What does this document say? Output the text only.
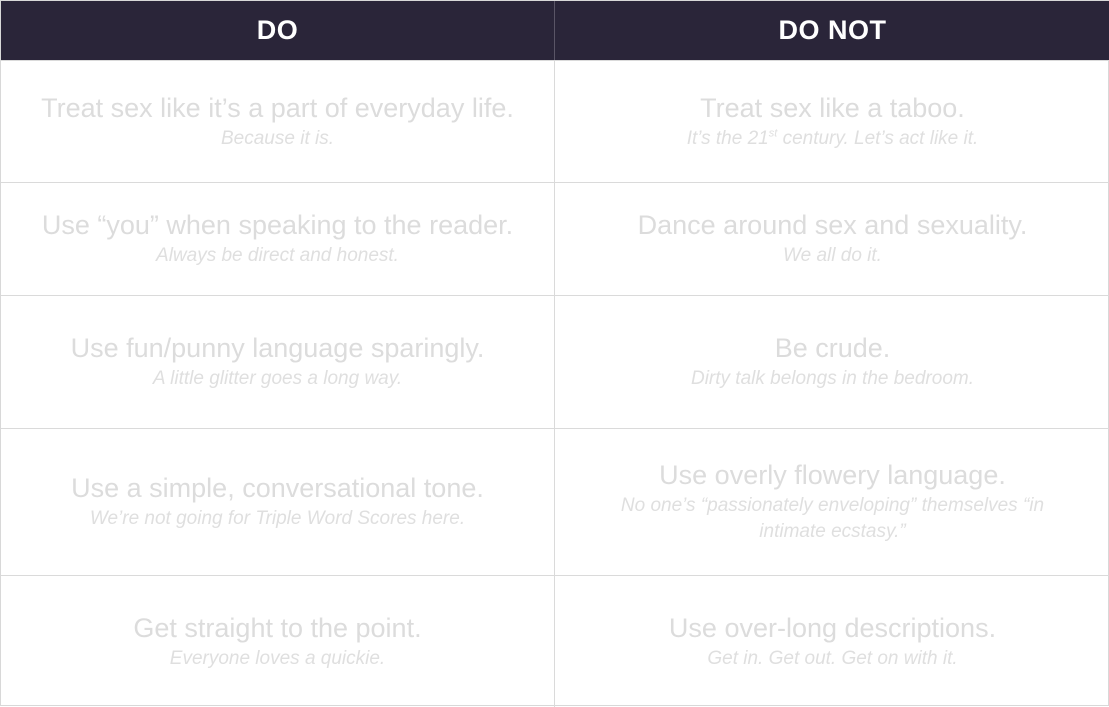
DO	DO NOT
Treat sex like it’s a part of everyday life.
Because it is.
Treat sex like a taboo.
It’s the 21st century. Let’s act like it.
Use “you” when speaking to the reader.
Always be direct and honest.
Dance around sex and sexuality.
We all do it.
Use fun/punny language sparingly.
A little glitter goes a long way.
Be crude.
Dirty talk belongs in the bedroom.
Use a simple, conversational tone.
We’re not going for Triple Word Scores here.
Use overly flowery language.
No one’s “passionately enveloping” themselves “in intimate ecstasy.”
Get straight to the point.
Everyone loves a quickie.
Use over-long descriptions.
Get in. Get out. Get on with it.
